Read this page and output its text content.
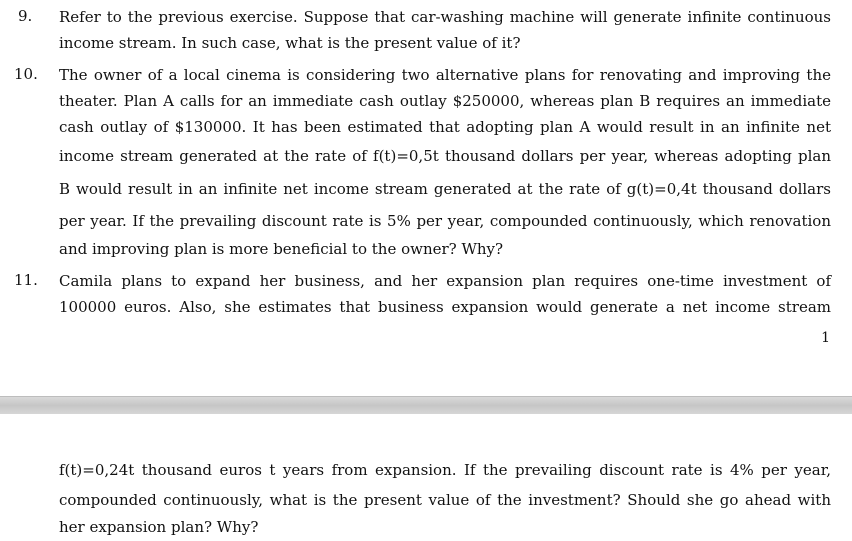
9.	Refer to the previous exercise. Suppose that car-washing machine will generate infinite continuous
income stream. In such case, what is the present value of it?
10.	The owner of a local cinema is considering two alternative plans for renovating and improving the
theater. Plan A calls for an immediate cash outlay $250000, whereas plan B requires an immediate
cash outlay of $130000. It has been estimated that adopting plan A would result in an infinite net
income stream generated at the rate of f(t)=0,5t thousand dollars per year, whereas adopting plan
B would result in an infinite net income stream generated at the rate of g(t)=0,4t thousand dollars
per year. If the prevailing discount rate is 5% per year, compounded continuously, which renovation
and improving plan is more beneficial to the owner? Why?
11.	Camila plans to expand her business, and her expansion plan requires one-time investment of
100000 euros. Also, she estimates that business expansion would generate a net income stream
1
f(t)=0,24t thousand euros t years from expansion. If the prevailing discount rate is 4% per year,
compounded continuously, what is the present value of the investment? Should she go ahead with
her expansion plan? Why?
